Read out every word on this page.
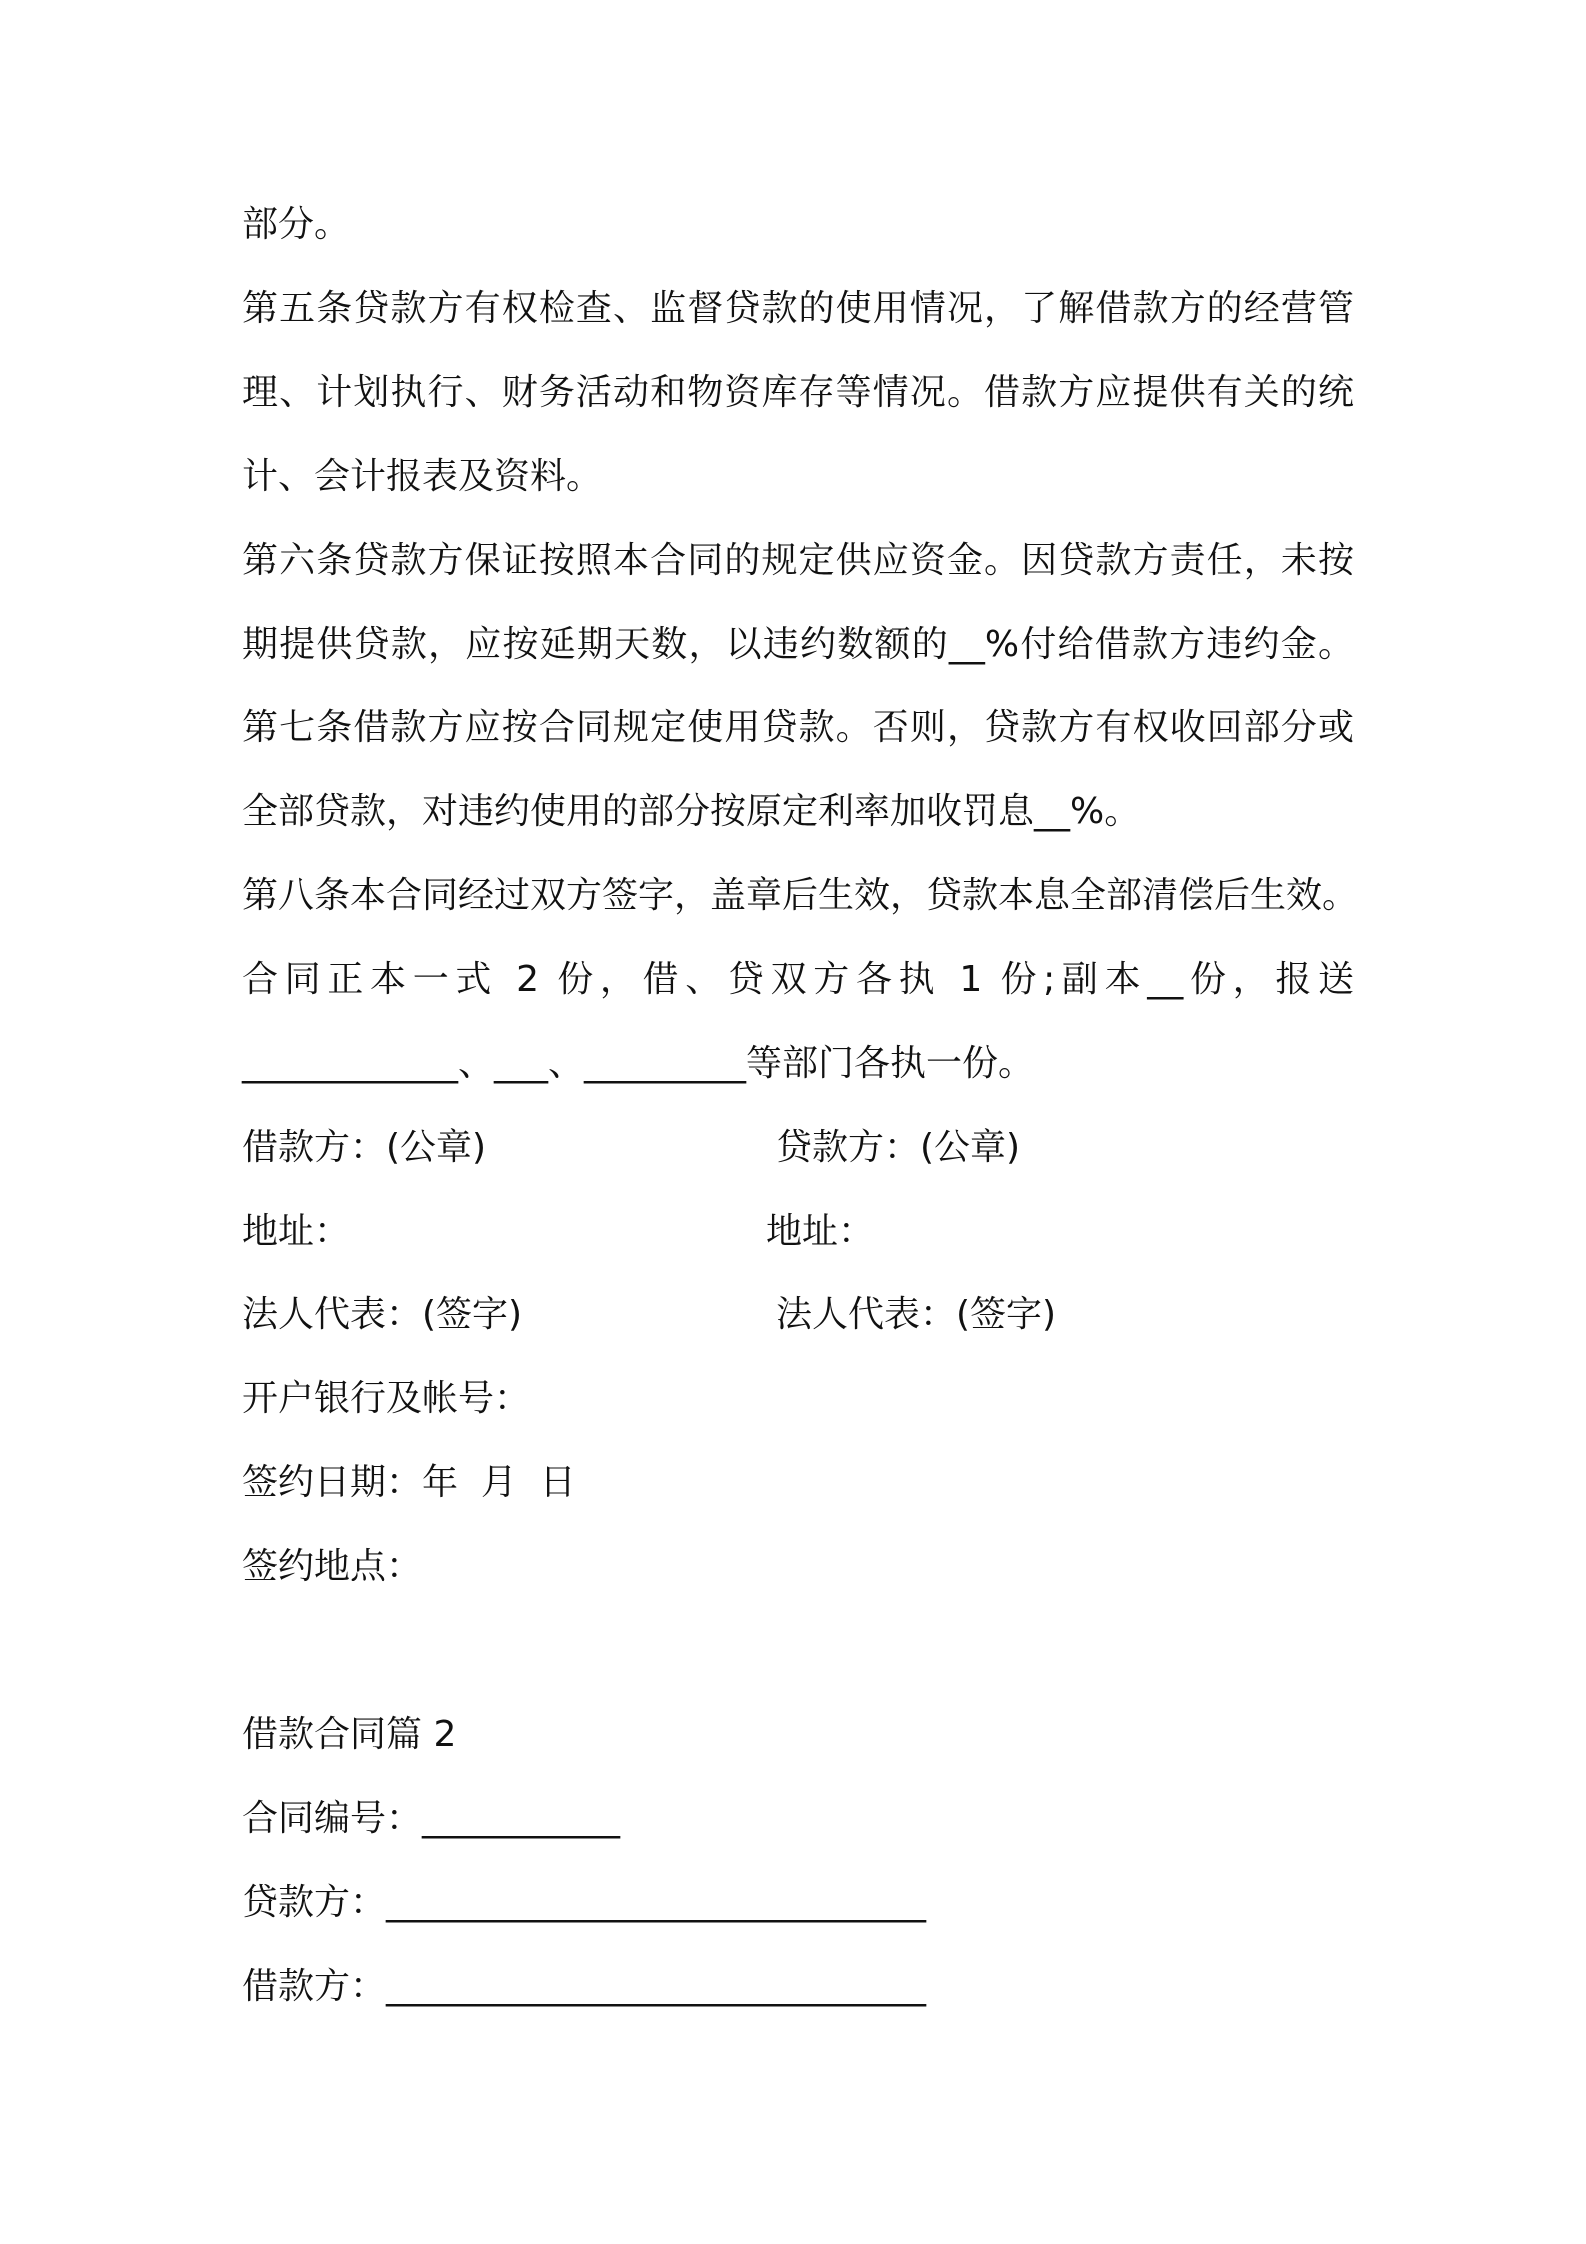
部分。
第五条贷款方有权检查、监督贷款的使用情况，了解借款方的经营管
理、计划执行、财务活动和物资库存等情况。借款方应提供有关的统
计、会计报表及资料。
第六条贷款方保证按照本合同的规定供应资金。因贷款方责任，未按
期提供贷款，应按延期天数，以违约数额的__%付给借款方违约金。
第七条借款方应按合同规定使用贷款。否则，贷款方有权收回部分或
全部贷款，对违约使用的部分按原定利率加收罚息__%。
第八条本合同经过双方签字，盖章后生效，贷款本息全部清偿后生效。
合同正本一式 2 份，借、贷双方各执 1 份;副本__份，报送
____________、___、_________等部门各执一份。
借款方：(公章)	贷款方：(公章)
地址：	地址：
法人代表：(签字)	法人代表：(签字)
开户银行及帐号：
签约日期：年  月  日
签约地点：
借款合同篇 2
合同编号：___________
贷款方：______________________________
借款方：______________________________
